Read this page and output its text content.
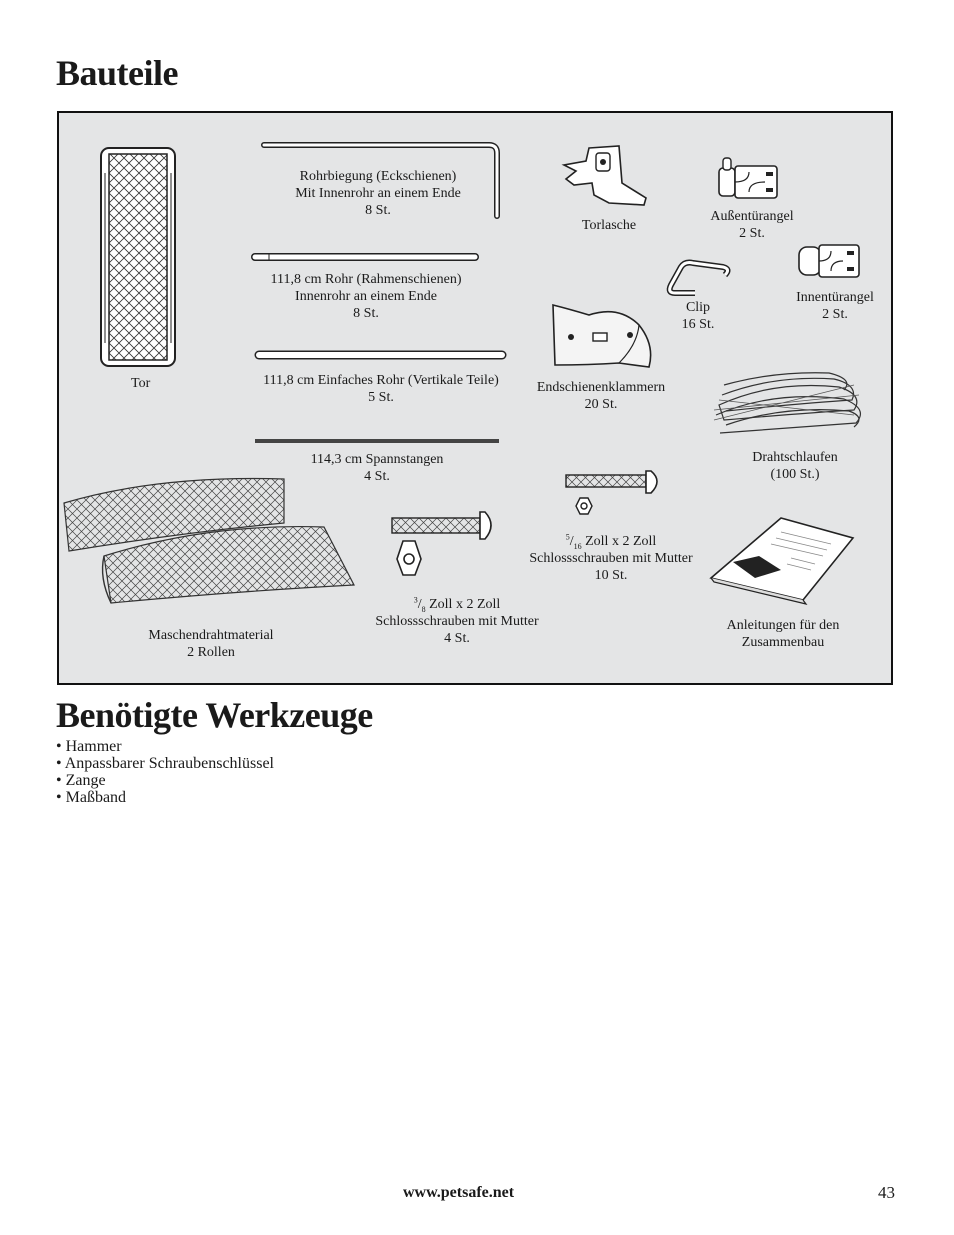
Bauteile
Tor
Rohrbiegung (Eckschienen)
Mit Innenrohr an einem Ende
8 St.
111,8 cm Rohr (Rahmenschienen)
Innenrohr an einem Ende
8 St.
111,8 cm Einfaches Rohr (Vertikale Teile)
5 St.
114,3 cm Spannstangen
4 St.
Torlasche
Außentürangel
2 St.
Clip
16 St.
Innentürangel
2 St.
Endschienenklammern
20 St.
Drahtschlaufen
(100 St.)
$^5/_{16}$ Zoll x 2 Zoll
Schlossschrauben mit Mutter
10 St.
$^3/_8$ Zoll x 2 Zoll
Schlossschrauben mit Mutter
4 St.
Maschendrahtmaterial
2 Rollen
Anleitungen für den
Zusammenbau
Benötigte Werkzeuge
• Hammer
• Anpassbarer Schraubenschlüssel
• Zange
• Maßband
www.petsafe.net	43
